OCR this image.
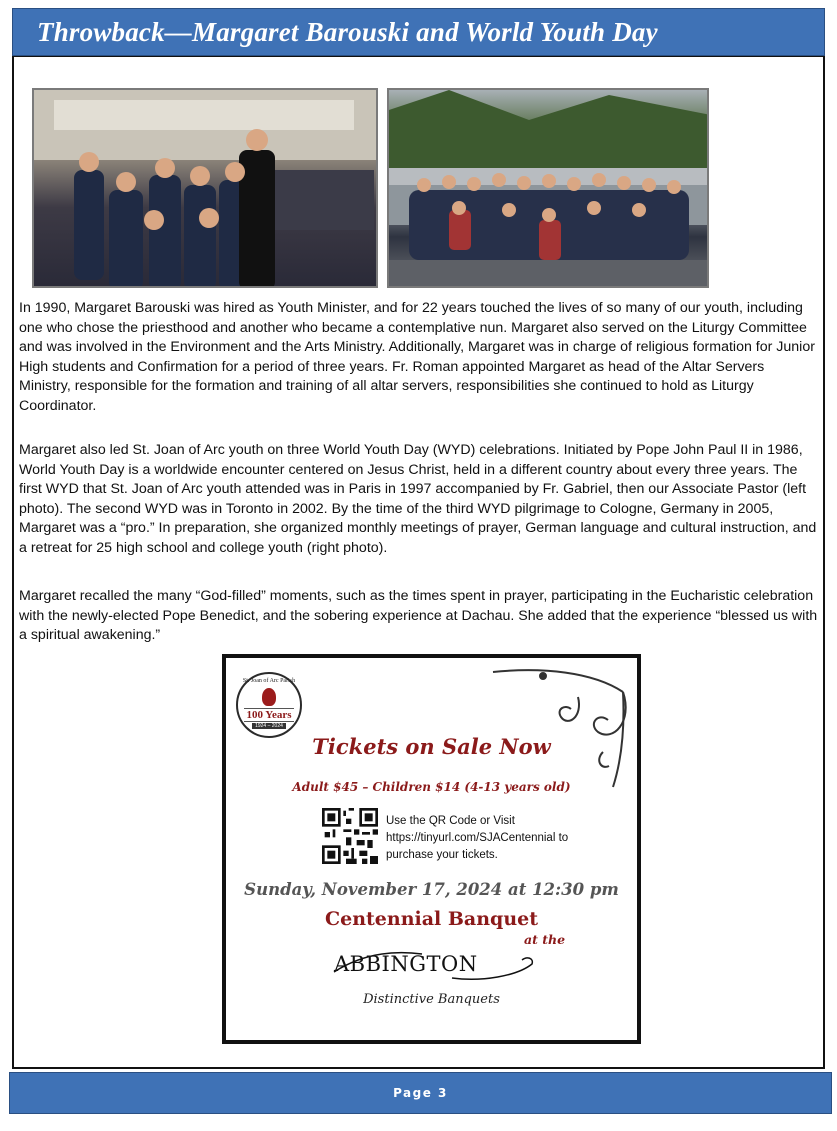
Throwback—Margaret Barouski and World Youth Day

In 1990, Margaret Barouski was hired as Youth Minister, and for 22 years touched the lives of so many of our youth, including one who chose the priesthood and another who became a contemplative nun. Margaret also served on the Liturgy Committee and was involved in the Environment and the Arts Ministry. Additionally, Margaret was in charge of religious formation for Junior High students and Confirmation for a period of three years. Fr. Roman appointed Margaret as head of the Altar Servers Ministry, responsible for the formation and training of all altar servers, responsibilities she continued to hold as Liturgy Coordinator.

Margaret also led St. Joan of Arc youth on three World Youth Day (WYD) celebrations. Initiated by Pope John Paul II in 1986, World Youth Day is a worldwide encounter centered on Jesus Christ, held in a different country about every three years. The first WYD that St. Joan of Arc youth attended was in Paris in 1997 accompanied by Fr. Gabriel, then our Associate Pastor (left photo). The second WYD was in Toronto in 2002. By the time of the third WYD pilgrimage to Cologne, Germany in 2005, Margaret was a “pro.” In preparation, she organized monthly meetings of prayer, German language and cultural instruction, and a retreat for 25 high school and college youth (right photo).

Margaret recalled the many “God-filled” moments, such as the times spent in prayer, participating in the Eucharistic celebration with the newly-elected Pope Benedict, and the sobering experience at Dachau. She added that the experience “blessed us with a spiritual awakening.”

St. Joan of Arc Parish
100 Years
1924 – 2024
Tickets on Sale Now
Adult $45 – Children $14 (4-13 years old)
Use the QR Code or Visit
https://tinyurl.com/SJACentennial to
purchase your tickets.
Sunday, November 17, 2024 at 12:30 pm
Centennial Banquet
at the
ABBINGTON
Distinctive Banquets
Page 3
